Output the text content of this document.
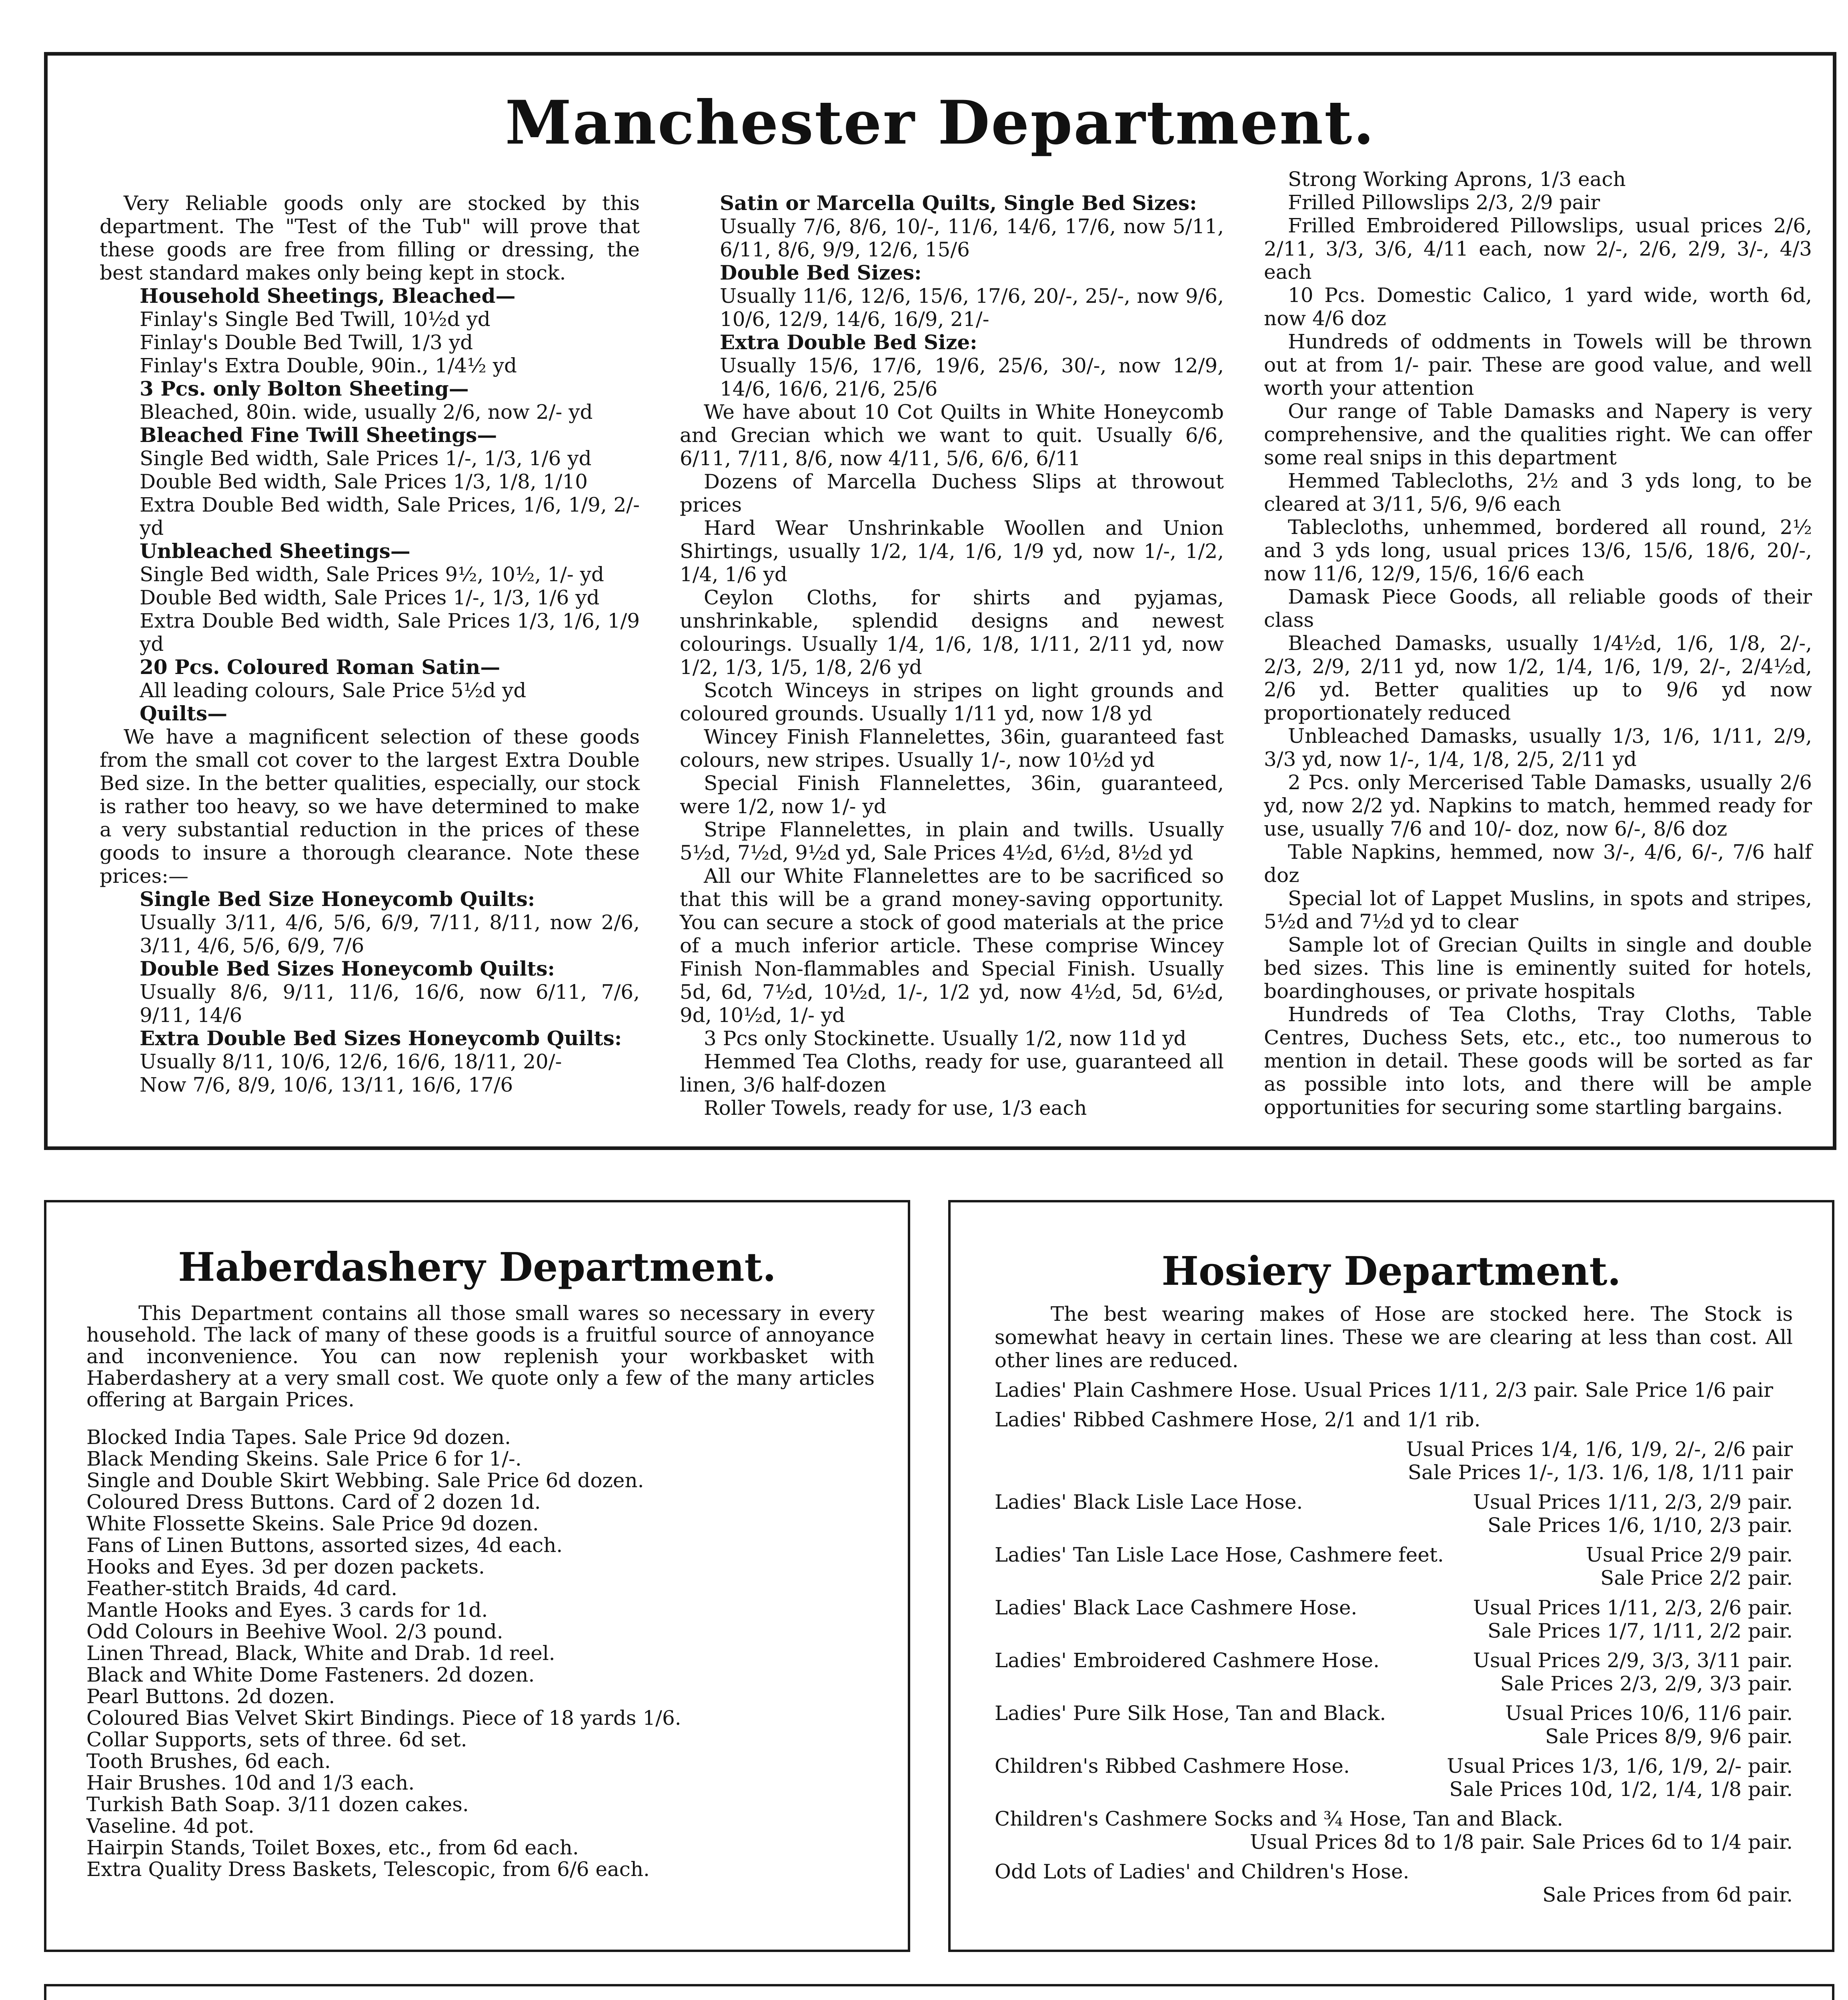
Manchester Department.

Very Reliable goods only are stocked by this department. The "Test of the Tub" will prove that these goods are free from filling or dressing, the best standard makes only being kept in stock.

Household Sheetings, Bleached—

Finlay's Single Bed Twill, 10½d yd

Finlay's Double Bed Twill, 1/3 yd

Finlay's Extra Double, 90in., 1/4½ yd

3 Pcs. only Bolton Sheeting—

Bleached, 80in. wide, usually 2/6, now 2/- yd

Bleached Fine Twill Sheetings—

Single Bed width, Sale Prices 1/-, 1/3, 1/6 yd

Double Bed width, Sale Prices 1/3, 1/8, 1/10

Extra Double Bed width, Sale Prices, 1/6, 1/9, 2/- yd

Unbleached Sheetings—

Single Bed width, Sale Prices 9½, 10½, 1/- yd

Double Bed width, Sale Prices 1/-, 1/3, 1/6 yd

Extra Double Bed width, Sale Prices 1/3, 1/6, 1/9 yd

20 Pcs. Coloured Roman Satin—

All leading colours, Sale Price 5½d yd

Quilts—

We have a magnificent selection of these goods from the small cot cover to the largest Extra Double Bed size. In the better qualities, especially, our stock is rather too heavy, so we have determined to make a very substantial reduction in the prices of these goods to insure a thorough clearance. Note these prices:—

Single Bed Size Honeycomb Quilts:

Usually 3/11, 4/6, 5/6, 6/9, 7/11, 8/11, now 2/6, 3/11, 4/6, 5/6, 6/9, 7/6

Double Bed Sizes Honeycomb Quilts:

Usually 8/6, 9/11, 11/6, 16/6, now 6/11, 7/6, 9/11, 14/6

Extra Double Bed Sizes Honeycomb Quilts:

Usually 8/11, 10/6, 12/6, 16/6, 18/11, 20/-

Now 7/6, 8/9, 10/6, 13/11, 16/6, 17/6

Satin or Marcella Quilts, Single Bed Sizes:

Usually 7/6, 8/6, 10/-, 11/6, 14/6, 17/6, now 5/11, 6/11, 8/6, 9/9, 12/6, 15/6

Double Bed Sizes:

Usually 11/6, 12/6, 15/6, 17/6, 20/-, 25/-, now 9/6, 10/6, 12/9, 14/6, 16/9, 21/-

Extra Double Bed Size:

Usually 15/6, 17/6, 19/6, 25/6, 30/-, now 12/9, 14/6, 16/6, 21/6, 25/6

We have about 10 Cot Quilts in White Honeycomb and Grecian which we want to quit. Usually 6/6, 6/11, 7/11, 8/6, now 4/11, 5/6, 6/6, 6/11

Dozens of Marcella Duchess Slips at throwout prices

Hard Wear Unshrinkable Woollen and Union Shirtings, usually 1/2, 1/4, 1/6, 1/9 yd, now 1/-, 1/2, 1/4, 1/6 yd

Ceylon Cloths, for shirts and pyjamas, unshrinkable, splendid designs and newest colourings. Usually 1/4, 1/6, 1/8, 1/11, 2/11 yd, now 1/2, 1/3, 1/5, 1/8, 2/6 yd

Scotch Winceys in stripes on light grounds and coloured grounds. Usually 1/11 yd, now 1/8 yd

Wincey Finish Flannelettes, 36in, guaranteed fast colours, new stripes. Usually 1/-, now 10½d yd

Special Finish Flannelettes, 36in, guaranteed, were 1/2, now 1/- yd

Stripe Flannelettes, in plain and twills. Usually 5½d, 7½d, 9½d yd, Sale Prices 4½d, 6½d, 8½d yd

All our White Flannelettes are to be sacrificed so that this will be a grand money-saving opportunity. You can secure a stock of good materials at the price of a much inferior article. These comprise Wincey Finish Non-flammables and Special Finish. Usually 5d, 6d, 7½d, 10½d, 1/-, 1/2 yd, now 4½d, 5d, 6½d, 9d, 10½d, 1/- yd

3 Pcs only Stockinette. Usually 1/2, now 11d yd

Hemmed Tea Cloths, ready for use, guaranteed all linen, 3/6 half-dozen

Roller Towels, ready for use, 1/3 each

Strong Working Aprons, 1/3 each

Frilled Pillowslips 2/3, 2/9 pair

Frilled Embroidered Pillowslips, usual prices 2/6, 2/11, 3/3, 3/6, 4/11 each, now 2/-, 2/6, 2/9, 3/-, 4/3 each

10 Pcs. Domestic Calico, 1 yard wide, worth 6d, now 4/6 doz

Hundreds of oddments in Towels will be thrown out at from 1/- pair. These are good value, and well worth your attention

Our range of Table Damasks and Napery is very comprehensive, and the qualities right. We can offer some real snips in this department

Hemmed Tablecloths, 2½ and 3 yds long, to be cleared at 3/11, 5/6, 9/6 each

Tablecloths, unhemmed, bordered all round, 2½ and 3 yds long, usual prices 13/6, 15/6, 18/6, 20/-, now 11/6, 12/9, 15/6, 16/6 each

Damask Piece Goods, all reliable goods of their class

Bleached Damasks, usually 1/4½d, 1/6, 1/8, 2/-, 2/3, 2/9, 2/11 yd, now 1/2, 1/4, 1/6, 1/9, 2/-, 2/4½d, 2/6 yd. Better qualities up to 9/6 yd now proportionately reduced

Unbleached Damasks, usually 1/3, 1/6, 1/11, 2/9, 3/3 yd, now 1/-, 1/4, 1/8, 2/5, 2/11 yd

2 Pcs. only Mercerised Table Damasks, usually 2/6 yd, now 2/2 yd. Napkins to match, hemmed ready for use, usually 7/6 and 10/- doz, now 6/-, 8/6 doz

Table Napkins, hemmed, now 3/-, 4/6, 6/-, 7/6 half doz

Special lot of Lappet Muslins, in spots and stripes, 5½d and 7½d yd to clear

Sample lot of Grecian Quilts in single and double bed sizes. This line is eminently suited for hotels, boardinghouses, or private hospitals

Hundreds of Tea Cloths, Tray Cloths, Table Centres, Duchess Sets, etc., etc., too numerous to mention in detail. These goods will be sorted as far as possible into lots, and there will be ample opportunities for securing some startling bargains.

Haberdashery Department.

This Department contains all those small wares so necessary in every household. The lack of many of these goods is a fruitful source of annoyance and inconvenience. You can now replenish your workbasket with Haberdashery at a very small cost. We quote only a few of the many articles offering at Bargain Prices.

Blocked India Tapes. Sale Price 9d dozen.

Black Mending Skeins. Sale Price 6 for 1/-.

Single and Double Skirt Webbing. Sale Price 6d dozen.

Coloured Dress Buttons. Card of 2 dozen 1d.

White Flossette Skeins. Sale Price 9d dozen.

Fans of Linen Buttons, assorted sizes, 4d each.

Hooks and Eyes. 3d per dozen packets.

Feather-stitch Braids, 4d card.

Mantle Hooks and Eyes. 3 cards for 1d.

Odd Colours in Beehive Wool. 2/3 pound.

Linen Thread, Black, White and Drab. 1d reel.

Black and White Dome Fasteners. 2d dozen.

Pearl Buttons. 2d dozen.

Coloured Bias Velvet Skirt Bindings. Piece of 18 yards 1/6.

Collar Supports, sets of three. 6d set.

Tooth Brushes, 6d each.

Hair Brushes. 10d and 1/3 each.

Turkish Bath Soap. 3/11 dozen cakes.

Vaseline. 4d pot.

Hairpin Stands, Toilet Boxes, etc., from 6d each.

Extra Quality Dress Baskets, Telescopic, from 6/6 each.

Hosiery Department.

The best wearing makes of Hose are stocked here. The Stock is somewhat heavy in certain lines. These we are clearing at less than cost. All other lines are reduced.

Ladies' Plain Cashmere Hose. Usual Prices 1/11, 2/3 pair. Sale Price 1/6 pair
Ladies' Ribbed Cashmere Hose, 2/1 and 1/1 rib.
Usual Prices 1/4, 1/6, 1/9, 2/-, 2/6 pair
Sale Prices 1/-, 1/3. 1/6, 1/8, 1/11 pair
Ladies' Black Lisle Lace Hose.	Usual Prices 1/11, 2/3, 2/9 pair.
Sale Prices 1/6, 1/10, 2/3 pair.
Ladies' Tan Lisle Lace Hose, Cashmere feet.	Usual Price 2/9 pair.
Sale Price 2/2 pair.
Ladies' Black Lace Cashmere Hose.	Usual Prices 1/11, 2/3, 2/6 pair.
Sale Prices 1/7, 1/11, 2/2 pair.
Ladies' Embroidered Cashmere Hose.	Usual Prices 2/9, 3/3, 3/11 pair.
Sale Prices 2/3, 2/9, 3/3 pair.
Ladies' Pure Silk Hose, Tan and Black.	Usual Prices 10/6, 11/6 pair.
Sale Prices 8/9, 9/6 pair.
Children's Ribbed Cashmere Hose.	Usual Prices 1/3, 1/6, 1/9, 2/- pair.
Sale Prices 10d, 1/2, 1/4, 1/8 pair.
Children's Cashmere Socks and ¾ Hose, Tan and Black.
Usual Prices 8d to 1/8 pair. Sale Prices 6d to 1/4 pair.
Odd Lots of Ladies' and Children's Hose.
Sale Prices from 6d pair.
